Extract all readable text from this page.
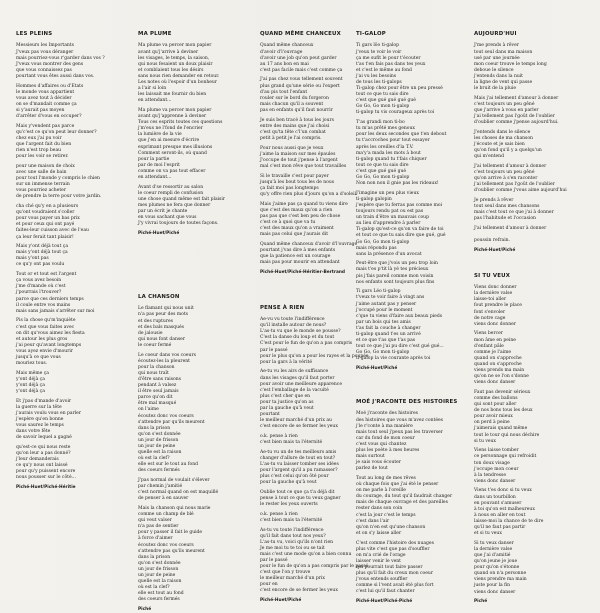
LES PLEINS
Messieurs les Importants
J'veux pas vous déranger
mais pourriez-vous r'garder dans vos ?
J'veux vous montrer des gens
que vous connaissez pas
pourtant vous êtes aussi dans vos.
Hommes d'affaires ou d'Etats
le monde vous appartient
vous avez tout à décider
on se d'mandait comme ça
si y'aurait pas moyen
d'arrêter d'vous en occuper?
Mais y'vendent pas parce
qu'c'est ce qu'on peut leur donner?
chez eux j'ai pu voir
que l'argent fait du bien
rien n'est trop beau
pour les voir se retirer.
pour une maison de choix
avec une salle de bain
pour tout l'monde y compris le chien
sur un immense terrain
vous pourriez acheter
de prendre la terre pour votre jardin.
cha ché qu'y en a plusieurs
qu'ont voudraient s'coller
pour vous payer un bas prix
et pour ceux qui ont payé
faites-leur cuisson avec de l'eau
ça leur ferait tant plaisir!
Mais y'ont déjà tout ça
mais y'ont déjà tout ça
mais y'ont pas
ce qu'y ont pas voulu
Tout or et tout est l'argent
ça vous avez besoin
j'me d'mande où c'est
j'pourrais l'trouver?
parce que ces derniers temps
il coule entre vos mains
mais sans jamais s'arrêter sur moi
Pis la chose qu'm'inquiète
c'est que vous faites avec
on dit qu'vous aimez les fiesta
et autour les plus gros
j'ai peur qu'avant longtemps
vous ayez envie d'mourir
jusqu'à ce que vous
mouriez tous.
Mais même ça
y'ont déjà ça
y'ont déjà ça
y'ont déjà ça
Et j'pas d'mande d'avoir
la guerre sur la tête
j'aurais voulu vous en parler
j'espère qu'en bonne
vous saurez le temps
dans votre fête
de savoir lequel a gagné
qu'est-ce qui nous reste
qu'on leur a pas donné?
j'leur demanderais
ce qu'y nous ont laissé
pour qu'y puissent encore
nous pousser sur le côté...
Piché-Huet/Piché-Héritie
MA PLUME
Ma plume va percer mon papier
avant qu'j'arrive à deviner
les visages, le temps, la saison,
qui nous fesaient un doux plaisir
et comblaient tous les désirs
sans nous rien demander en retour.
Les notes où l'espoir d'un bonheur
a l'air si loin
les laissait me fournir du bien
en attendant...
Ma plume va percer mon papier
avant qu'j'apprenne à deviner
Tous ces esprits toutes ces questions
j'm'eus ne l'fond de l'encrier
la lumière de la vie
que j'en ai mesure d'écrire
exprimant presque mes illusions
Comment seront-ils, où quand
pour la partie
par de moi l'esprit
comme on va pas tout effacer
en attendant...
Avant d'se ressortir au salon
le coeur rempli de confusion
une chose quand même est fait plaisir
mes plumes ne fera que donner
par un écrit je chante
en vous sachant que vous
J'y vivrai toujours de toutes façons.
Piché-Huet/Piché
LA CHANSON
Le flamant qui nous unit
n'a pas peur des mots
et des ruptures
et des bals masqués
de jalousie
qui nous font danser
le coeur fermé
Le coeur dans vos coeurs
écoutez-les la pleurent
pour la chanson
qui nous traît
d'être sans raisons
pendant à valsez
il être seul jamais
parce qu'on dit
être mal masqué
on l'aime
écoutez donc vos coeurs
s'attendre par qu'ils meurent
dans la prison
qu'on s'est donnée
un jour de frisson
un jour de peine
quelle est la raison
où est la clef?
elle est sur le tout au fond
des coeurs fermés
J'pas normal de voulait s'élever
par chemin j'amitié
c'est normal quand on est maquillé
de penser à en sauver
Mais la chanson qui nous marie
comme un champ de blé
qui veut valser
n'a pas de sentier
pour y passer il fait le guide
à force d'aimer
écoutez donc vos coeurs
s'attendre pas qu'ils meurent
dans la prison
qu'on s'est donnée
un jour de frisson
un jour de peine
quelle est la raison
où est la clef?
elle est tout au fond
des coeurs fermés
Piché
QUAND MÊME CHANCEUX
Quand même chanceux
d'avoir d'l'ouvrage
d'avoir une job qu'on peut garder
au 17 ans bon en mai
c'est pas facile mais c'est comme ça
J'ai pas chez vous tellement souvent
plus grand qu'une série ou l'expert
d'au pis tout l'enfant
rouler sur le bord du forgeron
mais chacun qu'il a souvent
pas en enfants qu'il faut nourrir
Je suis ben tracé à tous les jours
entre des mains que j'ai choisi
c'est qu'ta tête c'l'un combat
petit à petit je l'ai compris.
Pour nous aussi que je veux
j'aime la maison sur mes épaules
J'occupe de tout j'pense à l'argent
mal c'est mon rêve que tout travailles
Si le travaille c'est pour payer
jusqu'à les bout tous les de nous
ça fait moi pas longtemps
qu'y offre rien plus d'jours qu'on a d'soleil.
Mais j'aime pas ça quand tu viens dire
que c'est des maux qu'on a rien
pas pas que c'est ben peu de chose
c'est ce à quoi que va tu
c'est des maux qu'on a vraiment
mais pas celui que j'aurais dit
Quand même chanceux d'avoir d'l'ouvrage
pourtant j'vas dire à mes enfants
que la patience est un courage
mais pas pour mourir en attendant
Piché-Huet/Piché-Héritier-Bertrand
PENSE À RIEN
Ae-vu vu toute l'indifférence
qu'il installe autour de nous?
L'as-tu vu que le monde se pousse?
C'est la danse du loup et du tout
C'est pour le fun de qu'on a pas compris
par le passé
pour le plus qu'on a pour les rayes et la poupée
pour la gars à la vérité
Ae-tu vu les airs de suffisance
dans les visages qu'il faut porter
pour avoir une meilleure apparence
c'est l'emballage de la vacuité
plus c'est cher que en
pour ta justice qu'on as
par la gauche qu'à veut
pourtant
le meilleur marché d'un prix au
c'est encore de se fermer les yeux
o.k. pense à rien
c'est bien mais ta l'éternité
Ae-tu vu un de tes meilleurs amis
changer d'allure de tout en tout?
L'as-tu vu laisser tomber ses idées
pour l'argent qu'il a pu ramasser?
plus c'est celui qu'on ôté pour
pour la gauche qu'à veut
Oublie tout ce que ça t'a déjà dit
pense à tout ce que tu veux gagner
le rester les yeux ouverts
o.k. pense à rien
c'est bien mais ta l'éternité
As-tu vu toute l'indifférence
qu'il fait dans tout nos yeux?
L'as-tu vu, voici qu'ils n'ont rien
Je me moi tu te toi ou se tait
mais c'est une mode qu'on a bien connu
par le passé
pour le fun de qu'on a pas compris par le passé
c'est que l'on y trouve
le meilleur marché d'un prix
pour en
c'est encore de se fermer les yeux
Piché-Huet/Piché
TI-GALOP
Ti gars lôo ti-galop
j'veux te voir le voir
ça me sufit le pour t'écouter
t'as t'en fais pas dans tes yeux
et c'est le même au fond
j'ai vu les besoins
de tous les ti-galops
Ti-galop chez pour être un peu pressé
tout ce que tu sais dire
c'est que gué gué gué gué
Go Go, Go mon ti-galop
ti-galop tu vis courageux après toi
T'as grandi mon ti-bo
tu m'as prêté mes genoux
pour les deux secondes que t'en debout
tu t'accroches pour tout essayer
après les oreilles d'la T.V.
ma'y'a mada les mots à bout
ti-galop quand tu t'fais chiquer
tout ce que tu sais dire
c'est que gué gué gué
Go Go, Go mon ti-galop
Non non non il gnie pas les rideaux!
J'imagine un peu plus vieux
ti-galop galopin
j'espère que tu ferras pas comme moi
toujours rendu pat ou est pas
un train d'être un mauvais coup
au lieu d'apprendre à parler
Ti-galop qu'est-ce qu'on va faire de toi
et tout ce que tu sais dire que gué, gué
Go Go, Go mon ti-galop
mais répondu pas
sans la présence d'un avocat
Peut-être que j'vois un peu trop loin
mais t'es p'tit là yé tes précieux
pis j'fais pareil comme mon voisin
nos enfants sont toujours plus fins
Ti gars Léo ti-galop
t'veux te voir faire à vingt ans
j'aime autant pas y penser
j'occupé pour le moment
c'que tu viens d'faire aux beaux pieds
par un bois qui tes amis
t'as fait la couche à changer
ti-galop quand t'es un arrivé
et ce que t'as que t'as pas
tout ce que j'ai pu dire c'est gué gué...
Go Go, Go mon ti-galop
ti-galop la vie courante après toi
Piché-Huet/Piché
MOÉ J'RACONTE DES HISTOIRES
Moé j'raconte des histoires
des histoires que vous m'avez contées
j'le r'conte à ma manière
mais tout seul j'peux pas les traverser
car du fond de mon coeur
c'est vous qui chantez
plus les poète à mes heures
mais surtout
je sais vous écouter
parlez de tout
Tout au long de mes rêves
où chaque fois que j'ai été le penser
on me parle à l'oreille
du courage, du tout qu'il faudrait changer
mais de chaque ouvrage et des pareilles
rester dans son coin
c'est la jour c'est le temps
c'est dans l'air
qu'on n'en est qu'une chanson
et on s'y laisse aller
C'est comme l'histoire des nuages
plus vite c'est que pas d'souffler
on m'a crié de l'orage
laisser venir le vent
qui pourrait tout faire passer
plus qu'il fait du creux mon coeur
j'vous entends souffler
comme si l'vent avait été plus fort
c'est lui qu'il faut chanter
Piché-Huet/Piché-Piché
AUJOURD'HUI
J'me prends à rêver
tout seul dans ma maison
usé par une journée
mon coeur trouve le temps long
deboue le silence
j'entends dans la nuit
la ligne de vent qui passe
le bruit de la pluie
Mais j'ai tellement d'amour à donner
c'est toujours un peu gêné
que j'arrive à vous en parler
j'ai tellement pas l'goût de l'oublier
d'oublier comme j'pense aujourd'hui.
J'entends dans le silence
les choses de ma chanson
j'écoute et je sais bien
qu'on fond qu'il y a quelqu'un
qui m'entend
J'ai tellement d'amour à donner
c'est toujours un peu gêné
qu'on arrive à s'en raconter
j'ai tellement pas l'goût de l'oublier
d'oublier comme j'vous aime aujourd'hui
Je prends à rêver
tout seul dans mes chansons
mais c'est tout ce que j'ai à donner
pas l'habitude et l'occasion
J'ai tellement d'amour à donner

poussin refrain.
Piché-Huet/Piché
SI TU VEUX
Viens donc donner
la dernière valse
laisse-toi aller
fout prendre le place
font s'envoler
de notre cage
viens donc donner
Viens bercer
mon âme en peine
d'enfant pâle
comme je l'aime
quand on s'approche
quand on s'approche
viens prends ma main
qu'on ne se l'on s'donne
viens donc danser
Faut pas devenir sérieux
comme des ballons
qui sont pour aller
de nos bons tous les deux
pour avoir mieux
on perd à peine
j'aimerais quand même
tout le tour qui nous déchire
si tu veux
Viens laisse tomber
ce personnage qui refroidit
ton doux visage
j'occupe mon coeur
à la tendresse
viens donc danser
Viens t'es donc si tu veux
dans un tourbillon
en pouvant s'amuser
à toi qu'on est malheureux
à nous en aller en tout
laisse-moi la chance de te dire
qu'il ne faut pas partir
et si tu veux
Si tu veux danser
la dernière valse
que j'ai d'amitié
qu'on jeune je joue
pour qu'on s'étonne
quand on n'a personne
viens prendre ma main
juste pour la fin
viens donc danser
Piché
